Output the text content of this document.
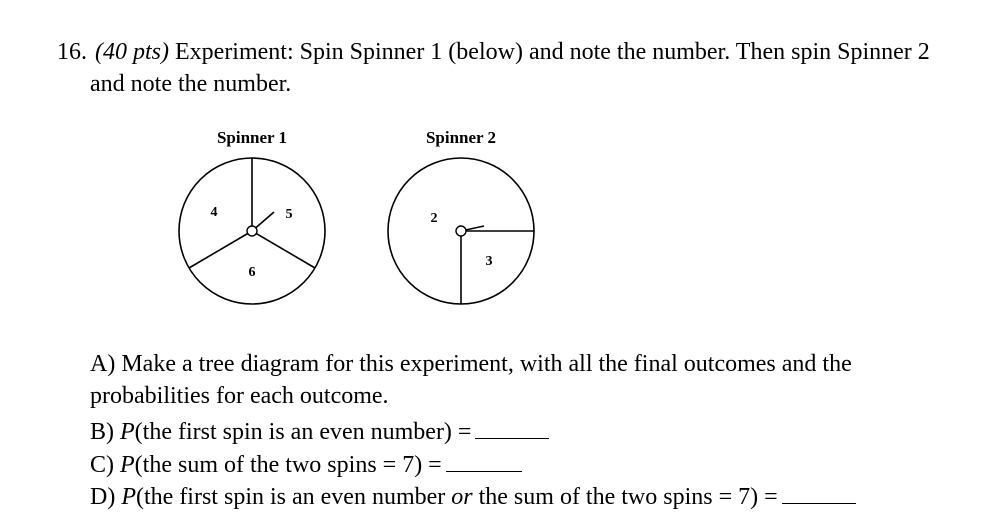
16. (40 pts) Experiment: Spin Spinner 1 (below) and note the number. Then spin Spinner 2
and note the number.
Spinner 1
4	5
6
Spinner 2
2
3
A) Make a tree diagram for this experiment, with all the final outcomes and the
probabilities for each outcome.
B) P(the first spin is an even number) =
C) P(the sum of the two spins = 7) =
D) P(the first spin is an even number or the sum of the two spins = 7) =
